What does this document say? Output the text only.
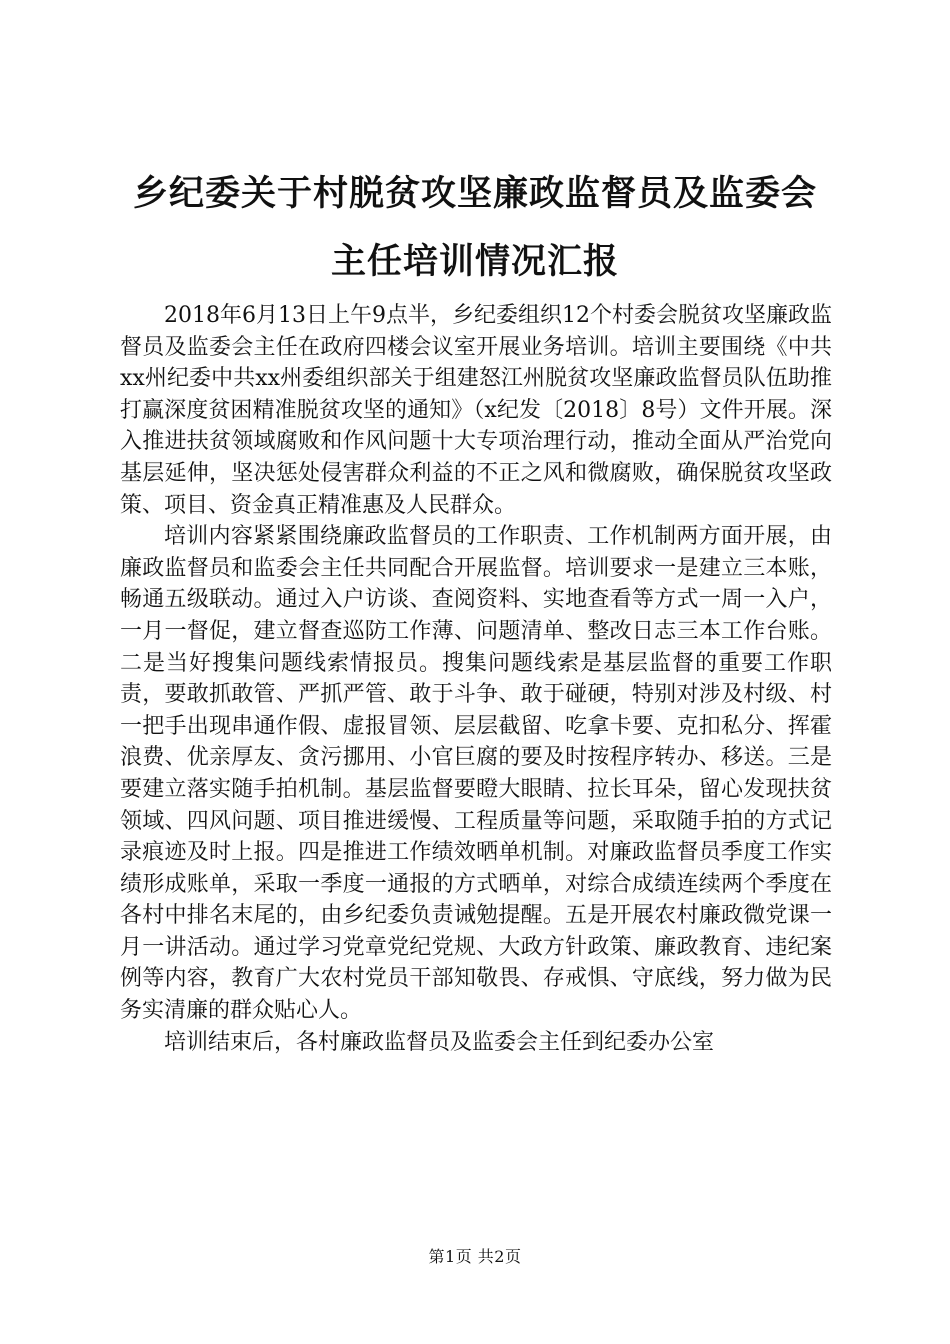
乡纪委关于村脱贫攻坚廉政监督员及监委会主任培训情况汇报

2018年6月13日上午9点半，乡纪委组织12个村委会脱贫攻坚廉政监督员及监委会主任在政府四楼会议室开展业务培训。培训主要围绕《中共xx州纪委中共xx州委组织部关于组建怒江州脱贫攻坚廉政监督员队伍助推打赢深度贫困精准脱贫攻坚的通知》（x纪发〔2018〕8号）文件开展。深入推进扶贫领域腐败和作风问题十大专项治理行动，推动全面从严治党向基层延伸，坚决惩处侵害群众利益的不正之风和微腐败，确保脱贫攻坚政策、项目、资金真正精准惠及人民群众。

培训内容紧紧围绕廉政监督员的工作职责、工作机制两方面开展，由廉政监督员和监委会主任共同配合开展监督。培训要求一是建立三本账，畅通五级联动。通过入户访谈、查阅资料、实地查看等方式一周一入户，一月一督促，建立督查巡防工作薄、问题清单、整改日志三本工作台账。二是当好搜集问题线索情报员。搜集问题线索是基层监督的重要工作职责，要敢抓敢管、严抓严管、敢于斗争、敢于碰硬，特别对涉及村级、村一把手出现串通作假、虚报冒领、层层截留、吃拿卡要、克扣私分、挥霍浪费、优亲厚友、贪污挪用、小官巨腐的要及时按程序转办、移送。三是要建立落实随手拍机制。基层监督要瞪大眼睛、拉长耳朵，留心发现扶贫领域、四风问题、项目推进缓慢、工程质量等问题，采取随手拍的方式记录痕迹及时上报。四是推进工作绩效晒单机制。对廉政监督员季度工作实绩形成账单，采取一季度一通报的方式晒单，对综合成绩连续两个季度在各村中排名末尾的，由乡纪委负责诫勉提醒。五是开展农村廉政微党课一月一讲活动。通过学习党章党纪党规、大政方针政策、廉政教育、违纪案例等内容，教育广大农村党员干部知敬畏、存戒惧、守底线，努力做为民务实清廉的群众贴心人。

培训结束后，各村廉政监督员及监委会主任到纪委办公室

第1页 共2页
